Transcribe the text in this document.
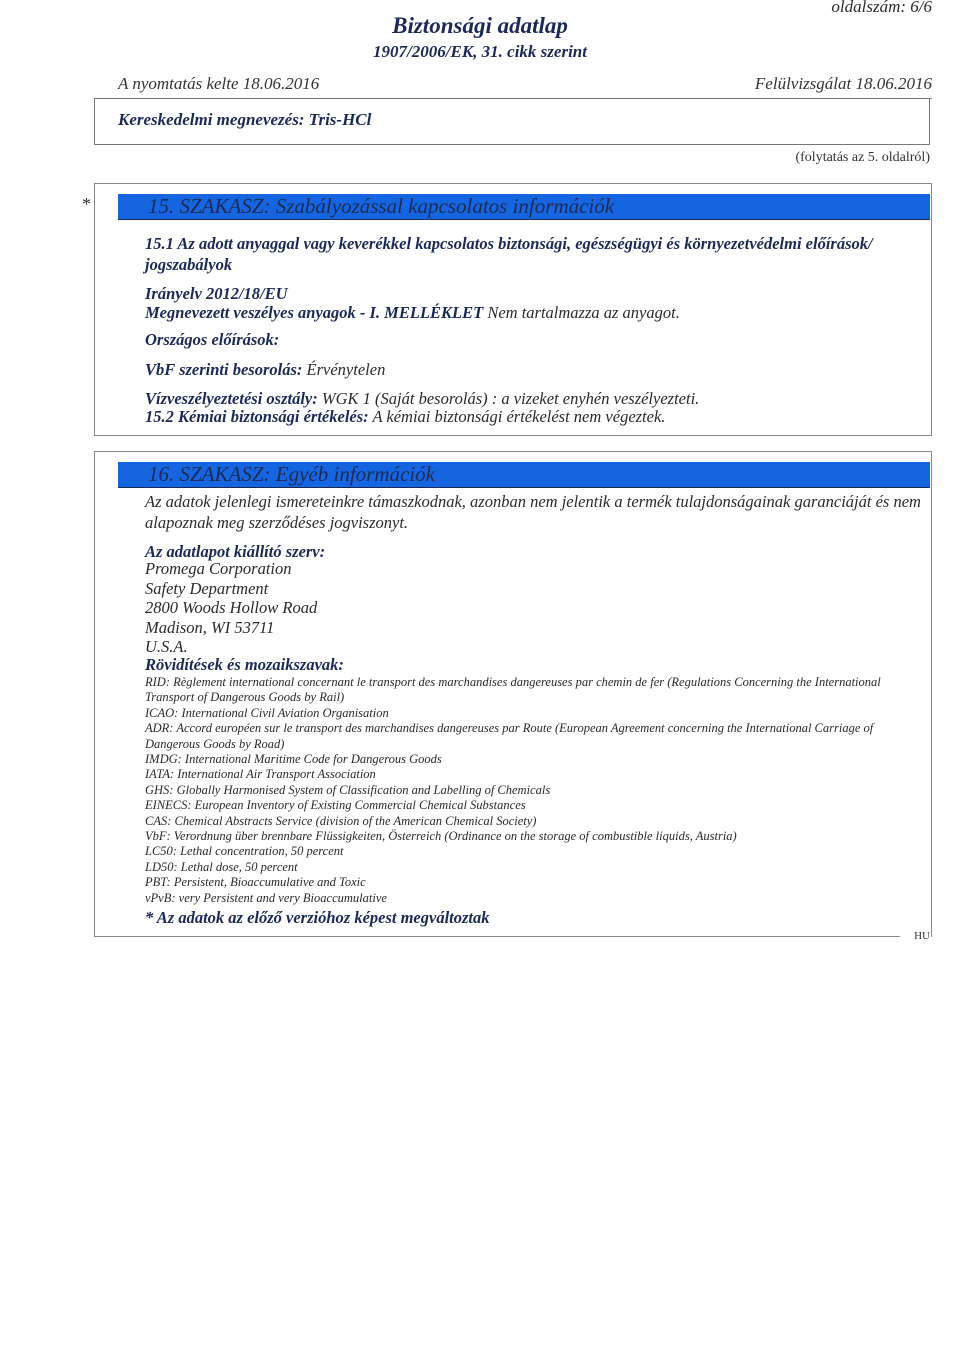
oldalszám: 6/6
Biztonsági adatlap
1907/2006/EK, 31. cikk szerint
A nyomtatás kelte 18.06.2016	Felülvizsgálat 18.06.2016
Kereskedelmi megnevezés: Tris-HCl
(folytatás az 5. oldalról)
*	15. SZAKASZ: Szabályozással kapcsolatos információk
15.1 Az adott anyaggal vagy keverékkel kapcsolatos biztonsági, egészségügyi és környezetvédelmi előírások/ jogszabályok
Irányelv 2012/18/EU
Megnevezett veszélyes anyagok - I. MELLÉKLET Nem tartalmazza az anyagot.
Országos előírások:
VbF szerinti besorolás: Érvénytelen
Vízveszélyeztetési osztály: WGK 1 (Saját besorolás) : a vizeket enyhén veszélyezteti.
15.2 Kémiai biztonsági értékelés: A kémiai biztonsági értékelést nem végeztek.
16. SZAKASZ: Egyéb információk
Az adatok jelenlegi ismereteinkre támaszkodnak, azonban nem jelentik a termék tulajdonságainak garanciáját és nem alapoznak meg szerződéses jogviszonyt.
Az adatlapot kiállító szerv:
Promega Corporation
Safety Department
2800 Woods Hollow Road
Madison, WI 53711
U.S.A.
Rövidítések és mozaikszavak:
RID: Règlement international concernant le transport des marchandises dangereuses par chemin de fer (Regulations Concerning the International Transport of Dangerous Goods by Rail)
ICAO: International Civil Aviation Organisation
ADR: Accord européen sur le transport des marchandises dangereuses par Route (European Agreement concerning the International Carriage of Dangerous Goods by Road)
IMDG: International Maritime Code for Dangerous Goods
IATA: International Air Transport Association
GHS: Globally Harmonised System of Classification and Labelling of Chemicals
EINECS: European Inventory of Existing Commercial Chemical Substances
CAS: Chemical Abstracts Service (division of the American Chemical Society)
VbF: Verordnung über brennbare Flüssigkeiten, Österreich (Ordinance on the storage of combustible liquids, Austria)
LC50: Lethal concentration, 50 percent
LD50: Lethal dose, 50 percent
PBT: Persistent, Bioaccumulative and Toxic
vPvB: very Persistent and very Bioaccumulative
* Az adatok az előző verzióhoz képest megváltoztak
HU
